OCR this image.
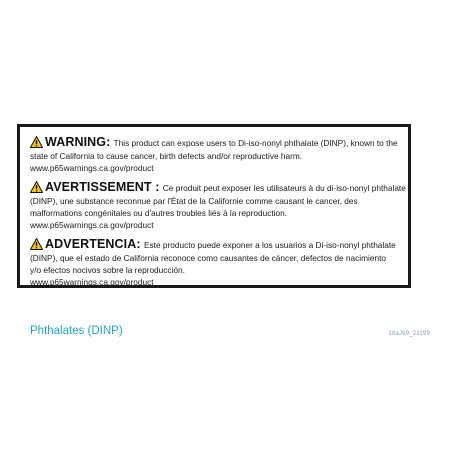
WARNING: This product can expose users to Di-iso-nonyl phthalate (DINP), known to the
state of California to cause cancer, birth defects and/or reproductive harm.
www.p65warnings.ca.gov/product
AVERTISSEMENT : Ce produit peut exposer les utilisateurs à du di-iso-nonyl phthalate
(DINP), une substance reconnue par l'État de la Californie comme causant le cancer, des
malformations congénitales ou d'autres troubles liés à la reproduction.
www.p65warnings.ca.gov/product
ADVERTENCIA: Este producto puede exponer a los usuarios a Di-iso-nonyl phthalate
(DINP), que el estado de California reconoce como causantes de cáncer, defectos de nacimiento
y/o efectos nocivos sobre la reproducción.
www.p65warnings.ca.gov/product
Phthalates (DINP)	18aJ99_21199
